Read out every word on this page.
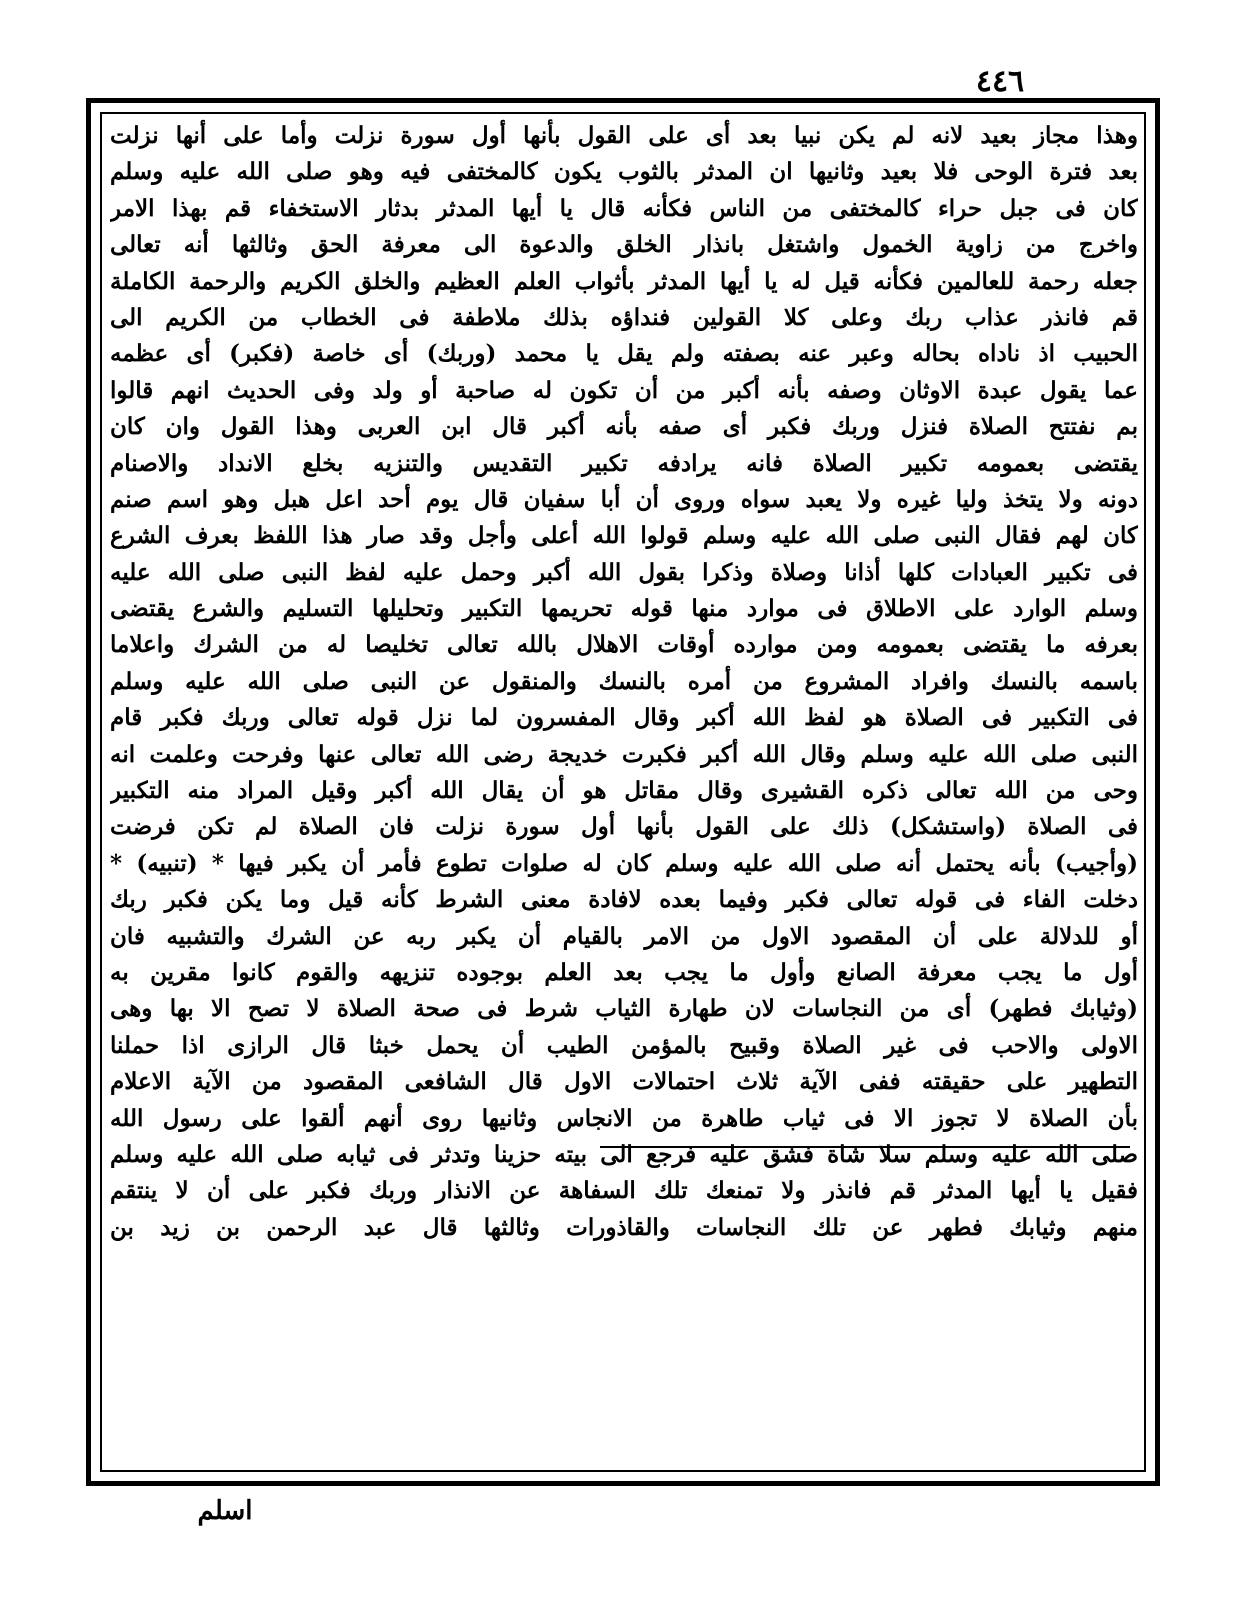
٤٤٦
وهذا مجاز بعيد لانه لم يكن نبيا بعد أى على القول بأنها أول سورة نزلت وأما على أنها نزلت
بعد فترة الوحى فلا بعيد وثانيها ان المدثر بالثوب يكون كالمختفى فيه وهو صلى الله عليه وسلم
كان فى جبل حراء كالمختفى من الناس فكأنه قال يا أيها المدثر بدثار الاستخفاء قم بهذا الامر
واخرج من زاوية الخمول واشتغل بانذار الخلق والدعوة الى معرفة الحق وثالثها أنه تعالى
جعله رحمة للعالمين فكأنه قيل له يا أيها المدثر بأثواب العلم العظيم والخلق الكريم والرحمة الكاملة
قم فانذر عذاب ربك وعلى كلا القولين فنداؤه بذلك ملاطفة فى الخطاب من الكريم الى
الحبيب اذ ناداه بحاله وعبر عنه بصفته ولم يقل يا محمد (وربك) أى خاصة (فكبر) أى عظمه
عما يقول عبدة الاوثان وصفه بأنه أكبر من أن تكون له صاحبة أو ولد وفى الحديث انهم قالوا
بم نفتتح الصلاة فنزل وربك فكبر أى صفه بأنه أكبر قال ابن العربى وهذا القول وان كان
يقتضى بعمومه تكبير الصلاة فانه يرادفه تكبير التقديس والتنزيه بخلع الانداد والاصنام
دونه ولا يتخذ وليا غيره ولا يعبد سواه وروى أن أبا سفيان قال يوم أحد اعل هبل وهو اسم صنم
كان لهم فقال النبى صلى الله عليه وسلم قولوا الله أعلى وأجل وقد صار هذا اللفظ بعرف الشرع
فى تكبير العبادات كلها أذانا وصلاة وذكرا بقول الله أكبر وحمل عليه لفظ النبى صلى الله عليه
وسلم الوارد على الاطلاق فى موارد منها قوله تحريمها التكبير وتحليلها التسليم والشرع يقتضى
بعرفه ما يقتضى بعمومه ومن موارده أوقات الاهلال بالله تعالى تخليصا له من الشرك واعلاما
باسمه بالنسك وافراد المشروع من أمره بالنسك والمنقول عن النبى صلى الله عليه وسلم
فى التكبير فى الصلاة هو لفظ الله أكبر وقال المفسرون لما نزل قوله تعالى وربك فكبر قام
النبى صلى الله عليه وسلم وقال الله أكبر فكبرت خديجة رضى الله تعالى عنها وفرحت وعلمت انه
وحى من الله تعالى ذكره القشيرى وقال مقاتل هو أن يقال الله أكبر وقيل المراد منه التكبير
فى الصلاة (واستشكل) ذلك على القول بأنها أول سورة نزلت فان الصلاة لم تكن فرضت
(وأجيب) بأنه يحتمل أنه صلى الله عليه وسلم كان له صلوات تطوع فأمر أن يكبر فيها * (تنبيه) *
دخلت الفاء فى قوله تعالى فكبر وفيما بعده لافادة معنى الشرط كأنه قيل وما يكن فكبر ربك
أو للدلالة على أن المقصود الاول من الامر بالقيام أن يكبر ربه عن الشرك والتشبيه فان
أول ما يجب معرفة الصانع وأول ما يجب بعد العلم بوجوده تنزيهه والقوم كانوا مقرين به
(وثيابك فطهر) أى من النجاسات لان طهارة الثياب شرط فى صحة الصلاة لا تصح الا بها وهى
الاولى والاحب فى غير الصلاة وقبيح بالمؤمن الطيب أن يحمل خبثا قال الرازى اذا حملنا
التطهير على حقيقته ففى الآية ثلاث احتمالات الاول قال الشافعى المقصود من الآية الاعلام
بأن الصلاة لا تجوز الا فى ثياب طاهرة من الانجاس وثانيها روى أنهم ألقوا على رسول الله
صلى الله عليه وسلم سلا شاة فشق عليه فرجع الى بيته حزينا وتدثر فى ثيابه صلى الله عليه وسلم
فقيل يا أيها المدثر قم فانذر ولا تمنعك تلك السفاهة عن الانذار وربك فكبر على أن لا ينتقم
منهم وثيابك فطهر عن تلك النجاسات والقاذورات وثالثها قال عبد الرحمن بن زيد بن
اسلم
